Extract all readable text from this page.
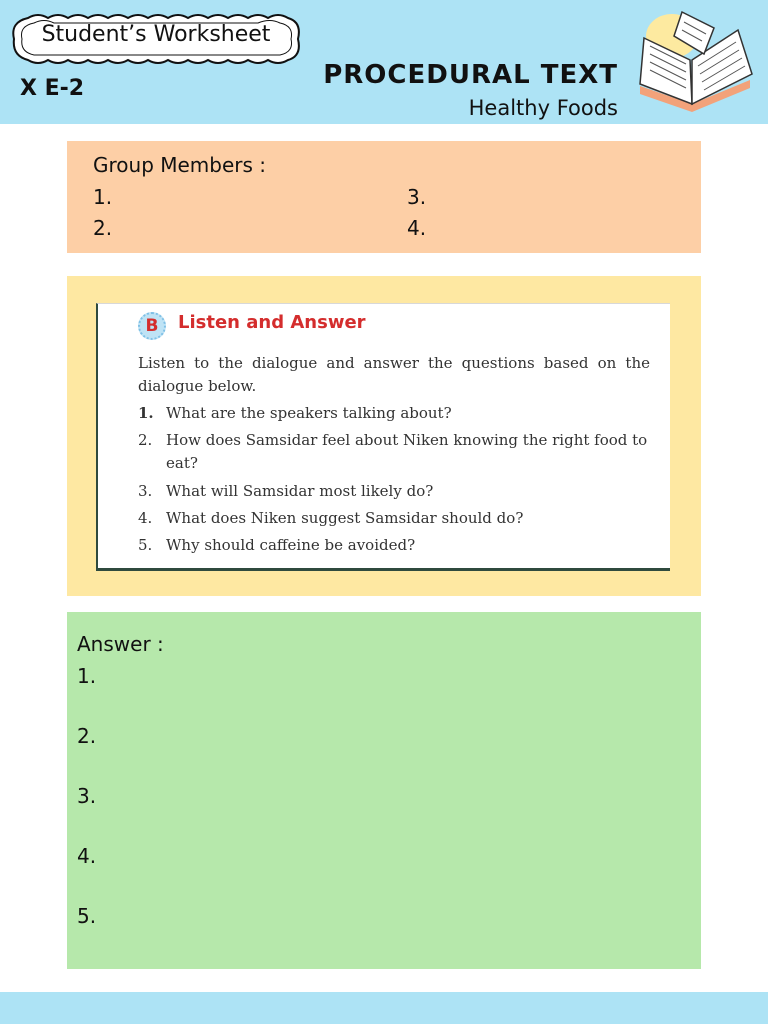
Student’s Worksheet
X E-2	PROCEDURAL TEXT
Healthy Foods
Group Members :
1.
2.
3.
4.
B	Listen and Answer
Listen to the dialogue and answer the questions based on the dialogue below.
1. What are the speakers talking about?
2. How does Samsidar feel about Niken knowing the right food to eat?
3. What will Samsidar most likely do?
4. What does Niken suggest Samsidar should do?
5. Why should caffeine be avoided?
Answer :
1.
2.
3.
4.
5.
